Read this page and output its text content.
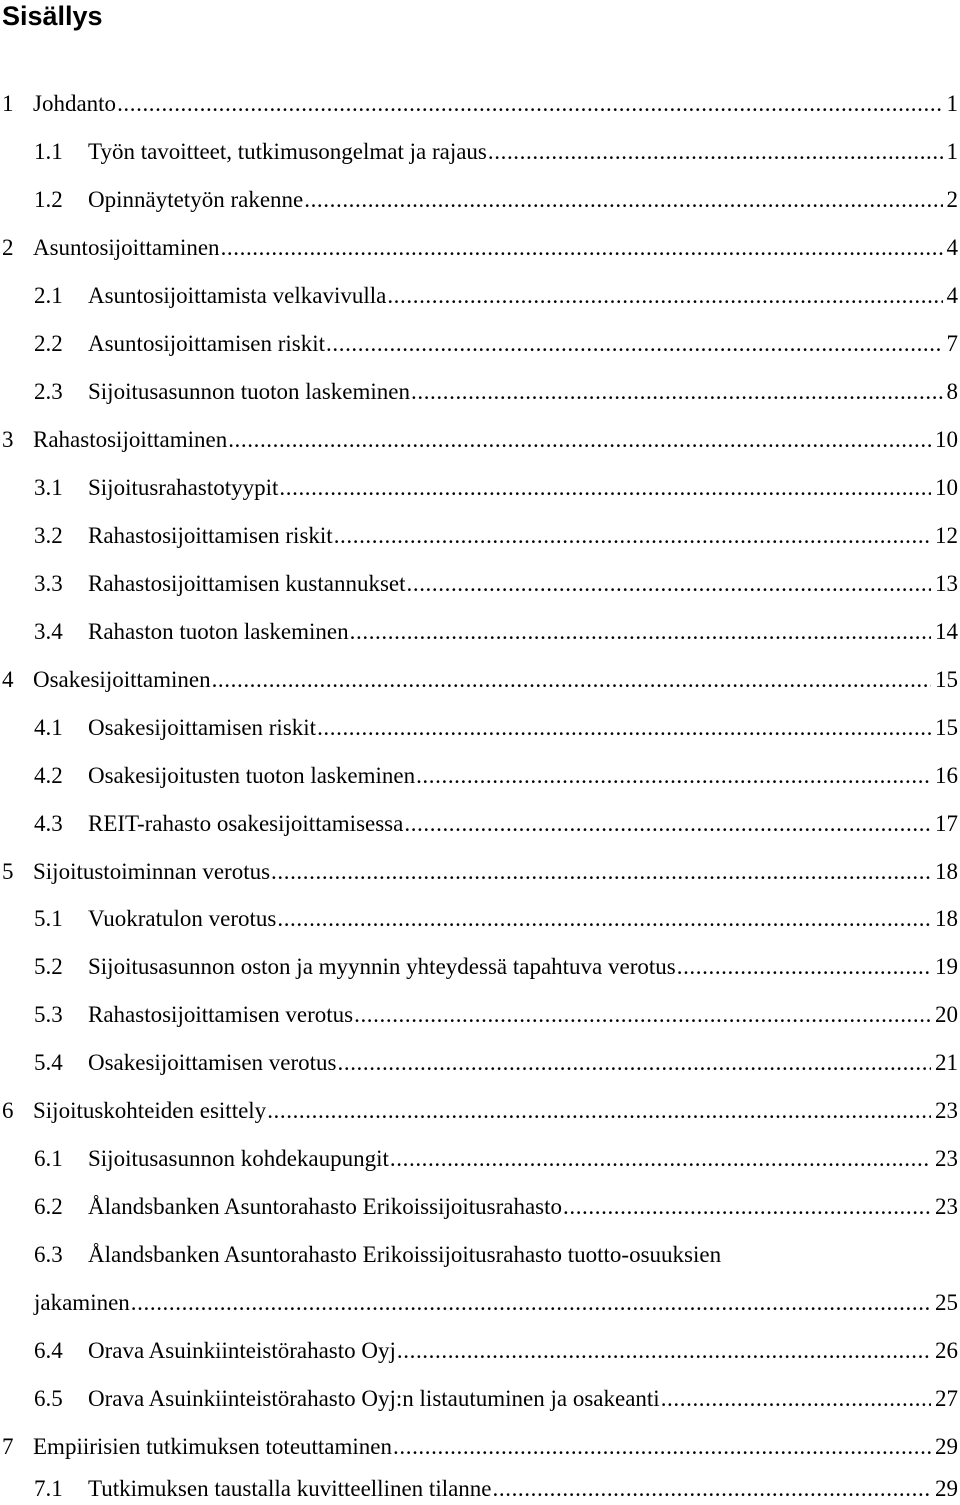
Sisällys
1 Johdanto .....	1
1.1 Työn tavoitteet, tutkimusongelmat ja rajaus .....	1
1.2 Opinnäytetyön rakenne .....	2
2 Asuntosijoittaminen .....	4
2.1 Asuntosijoittamista velkavivulla .....	4
2.2 Asuntosijoittamisen riskit .....	7
2.3 Sijoitusasunnon tuoton laskeminen .....	8
3 Rahastosijoittaminen .....	10
3.1 Sijoitusrahastotyypit .....	10
3.2 Rahastosijoittamisen riskit .....	12
3.3 Rahastosijoittamisen kustannukset .....	13
3.4 Rahaston tuoton laskeminen .....	14
4 Osakesijoittaminen .....	15
4.1 Osakesijoittamisen riskit .....	15
4.2 Osakesijoitusten tuoton laskeminen .....	16
4.3 REIT-rahasto osakesijoittamisessa .....	17
5 Sijoitustoiminnan verotus .....	18
5.1 Vuokratulon verotus .....	18
5.2 Sijoitusasunnon oston ja myynnin yhteydessä tapahtuva verotus .....	19
5.3 Rahastosijoittamisen verotus .....	20
5.4 Osakesijoittamisen verotus .....	21
6 Sijoituskohteiden esittely .....	23
6.1 Sijoitusasunnon kohdekaupungit .....	23
6.2 Ålandsbanken Asuntorahasto Erikoissijoitusrahasto .....	23
6.3 Ålandsbanken Asuntorahasto Erikoissijoitusrahasto tuotto-osuuksien
jakaminen .....	25
6.4 Orava Asuinkiinteistörahasto Oyj .....	26
6.5 Orava Asuinkiinteistörahasto Oyj:n listautuminen ja osakeanti .....	27
7 Empiirisien tutkimuksen toteuttaminen .....	29
7.1 Tutkimuksen taustalla kuvitteellinen tilanne .....	29
